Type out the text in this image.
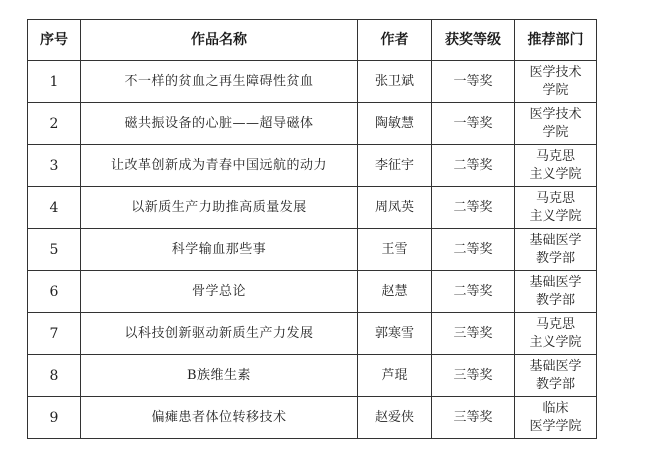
序号	作品名称	作者	获奖等级	推荐部门
1	不一样的贫血之再生障碍性贫血	张卫斌	一等奖	医学技术
学院

2	磁共振设备的心脏——超导磁体	陶敏慧	一等奖	医学技术
学院

3	让改革创新成为青春中国远航的动力	李征宇	二等奖	马克思
主义学院

4	以新质生产力助推高质量发展	周凤英	二等奖	马克思
主义学院

5	科学输血那些事	王雪	二等奖	基础医学
教学部

6	骨学总论	赵慧	二等奖	基础医学
教学部

7	以科技创新驱动新质生产力发展	郭寒雪	三等奖	马克思
主义学院

8	B族维生素	芦琨	三等奖	基础医学
教学部

9	偏瘫患者体位转移技术	赵爱侠	三等奖	临床
医学学院
